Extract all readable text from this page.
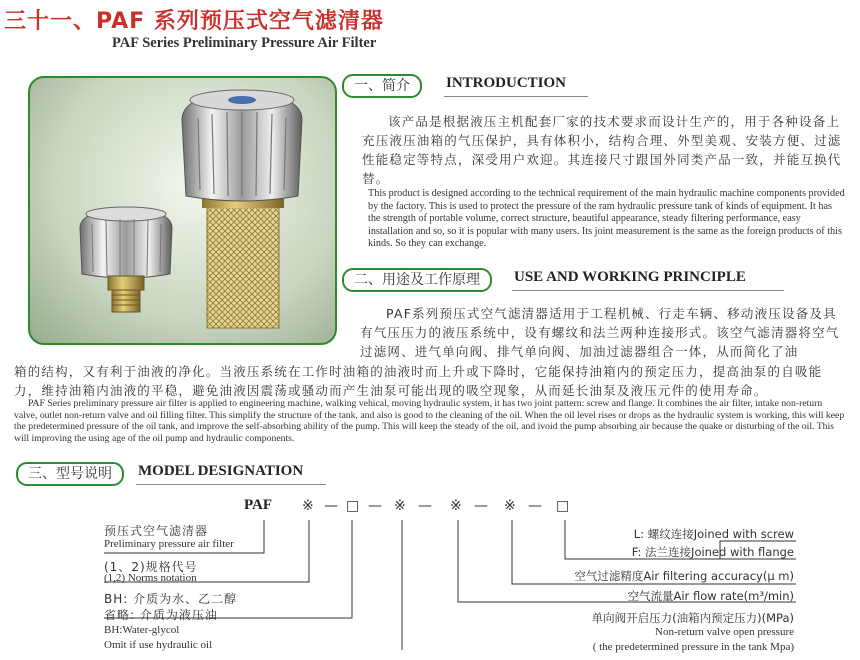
三十一、PAF 系列预压式空气滤清器
PAF Series Preliminary Pressure Air Filter
一、简介	INTRODUCTION
该产品是根据液压主机配套厂家的技术要求而设计生产的，用于各种设备上充压液压油箱的气压保护，具有体积小，结构合理、外型美观、安装方便、过滤性能稳定等特点，深受用户欢迎。其连接尺寸跟国外同类产品一致，并能互换代替。
This product is designed according to the technical requirement of the main hydraulic machine components provided by the factory. This is used to protect the pressure of the ram hydraulic pressure tank of kinds of equipment. It has the strength of portable volume, correct structure, beautiful appearance, steady filtering performance, easy installation and so, so it is popular with many users. Its joint measurement is the same as the foreign products of this kinds. So they can exchange.
二、用途及工作原理	USE AND WORKING PRINCIPLE
PAF系列预压式空气滤清器适用于工程机械、行走车辆、移动液压设备及具有气压压力的液压系统中，设有螺纹和法兰两种连接形式。该空气滤清器将空气过滤网、进气单向阀、排气单向阀、加油过滤器组合一体，从而简化了油
箱的结构，又有利于油液的净化。当液压系统在工作时油箱的油液时而上升或下降时，它能保持油箱内的预定压力，提高油泵的自吸能力，维持油箱内油液的平稳，避免油液因震荡或骚动而产生油泵可能出现的吸空现象，从而延长油泵及液压元件的使用寿命。
PAF Series preliminary pressure air filter is applied to engineering machine, walking vehical, moving hydraulic system, it has two joint pattern: screw and flange. It combines the air filter, intake non-return valve, outlet non-return valve and oil filling filter. This simplify the structure of the tank, and also is good to the cleaning of the oil. When the oil level rises or drops as the hydraulic system is working, this will keep the predetermined pressure of the oil tank, and improve the self-absorbing ability of the pump. This will keep the steady of the oil, and ivoid the pump absorbing air because the quake or disturbing of the oil. This will improving the using age of the oil pump and hydraulic components.
三、型号说明	MODEL DESIGNATION
PAF ※ — □ — ※ — ※ — ※ — □
预压式空气滤清器
Preliminary pressure air filter
(1、2)规格代号
(1,2) Norms notation
BH: 介质为水、乙二醇
省略: 介质为液压油
BH:Water-glycol
Omit if use hydraulic oil
L: 螺纹连接Joined with screw
F: 法兰连接Joined with flange
空气过滤精度Air filtering accuracy(μ m)
空气流量Air flow rate(m³/min)
单向阀开启压力(油箱内预定压力)(MPa)
Non-return valve open pressure
( the predetermined pressure in the tank Mpa)
